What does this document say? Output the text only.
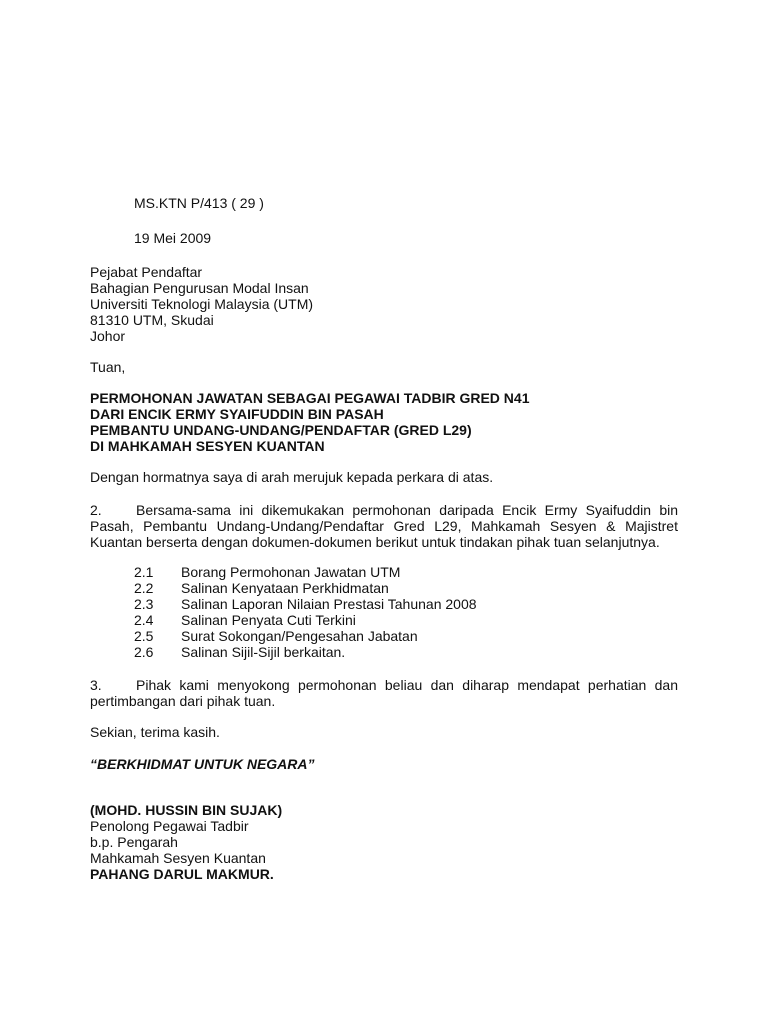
MS.KTN P/413 ( 29 )
19 Mei 2009
Pejabat Pendaftar
Bahagian Pengurusan Modal Insan
Universiti Teknologi Malaysia (UTM)
81310 UTM, Skudai
Johor
Tuan,
PERMOHONAN JAWATAN SEBAGAI PEGAWAI TADBIR GRED N41
DARI ENCIK ERMY SYAIFUDDIN BIN PASAH
PEMBANTU UNDANG-UNDANG/PENDAFTAR (GRED L29)
DI MAHKAMAH SESYEN KUANTAN
Dengan hormatnya saya di arah merujuk kepada perkara di atas.
2. Bersama-sama ini dikemukakan permohonan daripada Encik Ermy Syaifuddin bin
Pasah, Pembantu Undang-Undang/Pendaftar Gred L29, Mahkamah Sesyen & Majistret
Kuantan berserta dengan dokumen-dokumen berikut untuk tindakan pihak tuan selanjutnya.
2.1 Borang Permohonan Jawatan UTM
2.2 Salinan Kenyataan Perkhidmatan
2.3 Salinan Laporan Nilaian Prestasi Tahunan 2008
2.4 Salinan Penyata Cuti Terkini
2.5 Surat Sokongan/Pengesahan Jabatan
2.6 Salinan Sijil-Sijil berkaitan.
3. Pihak kami menyokong permohonan beliau dan diharap mendapat perhatian dan
pertimbangan dari pihak tuan.
Sekian, terima kasih.
“BERKHIDMAT UNTUK NEGARA”
(MOHD. HUSSIN BIN SUJAK)
Penolong Pegawai Tadbir
b.p. Pengarah
Mahkamah Sesyen Kuantan
PAHANG DARUL MAKMUR.
